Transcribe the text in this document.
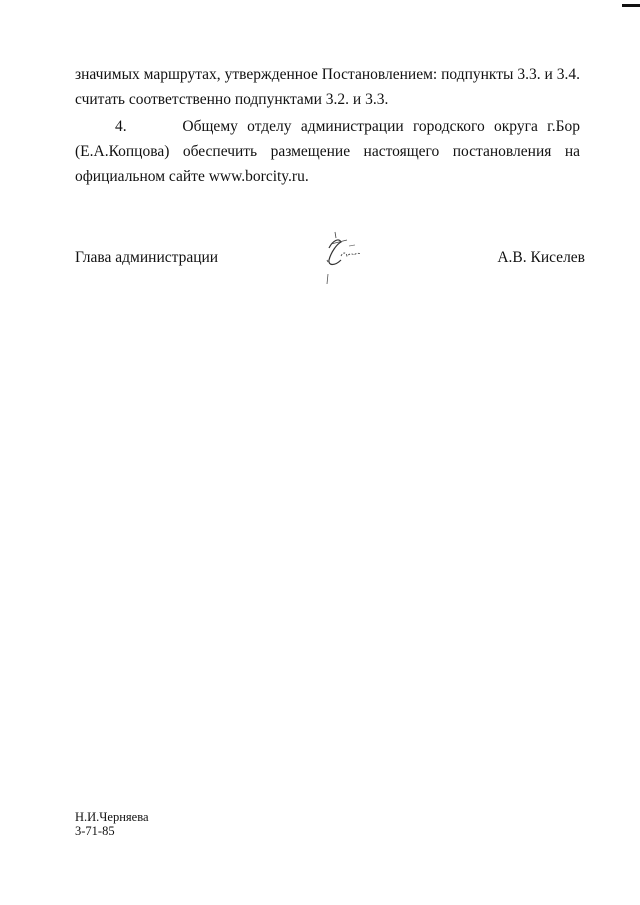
значимых маршрутах, утвержденное Постановлением: подпункты 3.3. и 3.4.
считать соответственно подпунктами 3.2. и 3.3.
4.	Общему отделу администрации городского округа г.Бор
(Е.А.Копцова) обеспечить размещение настоящего постановления на
официальном сайте www.borcity.ru.
Глава администрации	А.В. Киселев
Н.И.Черняева
3-71-85
